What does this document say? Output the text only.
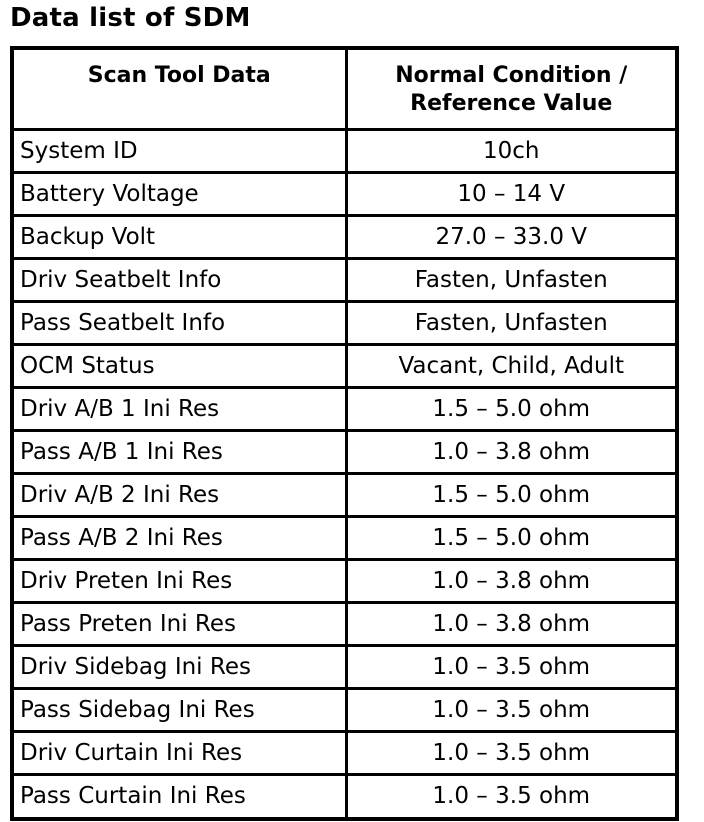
Data list of SDM
Scan Tool Data	Normal Condition /
Reference Value

System ID	10ch
Battery Voltage	10 – 14 V
Backup Volt	27.0 – 33.0 V
Driv Seatbelt Info	Fasten, Unfasten
Pass Seatbelt Info	Fasten, Unfasten
OCM Status	Vacant, Child, Adult
Driv A/B 1 Ini Res	1.5 – 5.0 ohm
Pass A/B 1 Ini Res	1.0 – 3.8 ohm
Driv A/B 2 Ini Res	1.5 – 5.0 ohm
Pass A/B 2 Ini Res	1.5 – 5.0 ohm
Driv Preten Ini Res	1.0 – 3.8 ohm
Pass Preten Ini Res	1.0 – 3.8 ohm
Driv Sidebag Ini Res	1.0 – 3.5 ohm
Pass Sidebag Ini Res	1.0 – 3.5 ohm
Driv Curtain Ini Res	1.0 – 3.5 ohm
Pass Curtain Ini Res	1.0 – 3.5 ohm
